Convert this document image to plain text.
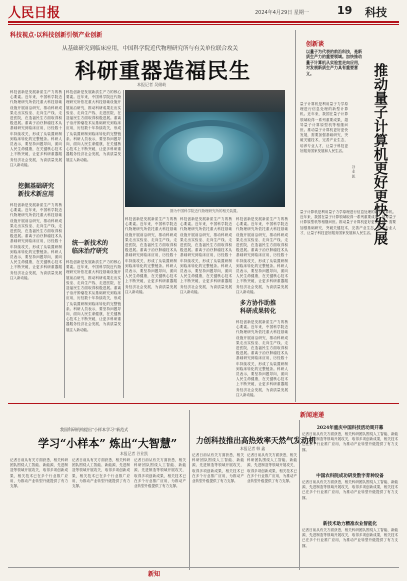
人民日报	2024年4月29日 星期一	19 科技
科技视点·以科技创新引领产业创新
从基础研究到临床应用，中国科学院近代物理研究所与有关单位联合攻关
科研重器造福民生
本报记者 吴储岐
图为中国科学院近代物理研究所的相关装置。
科技创新是发展新质生产力的核心要素。近年来，中国科学院近代物理研究所依托重大科技基础设施开展前沿研究，推动科研成果走出实验室、走向生产线、走进医院，在造福民生方面取得积极进展。重离子治疗肿瘤技术从基础研究到临床应用，历经数十年持续攻关，形成了从装置研制到临床转化的完整链条。科研人员表示，要坚持问题导向，面向人民生命健康，在关键核心技术上不断突破，让更多科研重器服务经济社会发展，为高质量发展注入新动能。
挖掘基础研究
新技术新应用
科技创新是发展新质生产力的核心要素。近年来，中国科学院近代物理研究所依托重大科技基础设施开展前沿研究，推动科研成果走出实验室、走向生产线、走进医院，在造福民生方面取得积极进展。重离子治疗肿瘤技术从基础研究到临床应用，历经数十年持续攻关，形成了从装置研制到临床转化的完整链条。科研人员表示，要坚持问题导向，面向人民生命健康，在关键核心技术上不断突破，让更多科研重器服务经济社会发展，为高质量发展注入新动能。
科技创新是发展新质生产力的核心要素。近年来，中国科学院近代物理研究所依托重大科技基础设施开展前沿研究，推动科研成果走出实验室、走向生产线、走进医院，在造福民生方面取得积极进展。重离子治疗肿瘤技术从基础研究到临床应用，历经数十年持续攻关，形成了从装置研制到临床转化的完整链条。科研人员表示，要坚持问题导向，面向人民生命健康，在关键核心技术上不断突破，让更多科研重器服务经济社会发展，为高质量发展注入新动能。
统一新技术的
临床治疗研究
科技创新是发展新质生产力的核心要素。近年来，中国科学院近代物理研究所依托重大科技基础设施开展前沿研究，推动科研成果走出实验室、走向生产线、走进医院，在造福民生方面取得积极进展。重离子治疗肿瘤技术从基础研究到临床应用，历经数十年持续攻关，形成了从装置研制到临床转化的完整链条。科研人员表示，要坚持问题导向，面向人民生命健康，在关键核心技术上不断突破，让更多科研重器服务经济社会发展，为高质量发展注入新动能。
科技创新是发展新质生产力的核心要素。近年来，中国科学院近代物理研究所依托重大科技基础设施开展前沿研究，推动科研成果走出实验室、走向生产线、走进医院，在造福民生方面取得积极进展。重离子治疗肿瘤技术从基础研究到临床应用，历经数十年持续攻关，形成了从装置研制到临床转化的完整链条。科研人员表示，要坚持问题导向，面向人民生命健康，在关键核心技术上不断突破，让更多科研重器服务经济社会发展，为高质量发展注入新动能。
科技创新是发展新质生产力的核心要素。近年来，中国科学院近代物理研究所依托重大科技基础设施开展前沿研究，推动科研成果走出实验室、走向生产线、走进医院，在造福民生方面取得积极进展。重离子治疗肿瘤技术从基础研究到临床应用，历经数十年持续攻关，形成了从装置研制到临床转化的完整链条。科研人员表示，要坚持问题导向，面向人民生命健康，在关键核心技术上不断突破，让更多科研重器服务经济社会发展，为高质量发展注入新动能。
多方协作助推
科研成果转化
科技创新是发展新质生产力的核心要素。近年来，中国科学院近代物理研究所依托重大科技基础设施开展前沿研究，推动科研成果走出实验室、走向生产线、走进医院，在造福民生方面取得积极进展。重离子治疗肿瘤技术从基础研究到临床应用，历经数十年持续攻关，形成了从装置研制到临床转化的完整链条。科研人员表示，要坚持问题导向，面向人民生命健康，在关键核心技术上不断突破，让更多科研重器服务经济社会发展，为高质量发展注入新动能。
科技创新是发展新质生产力的核心要素。近年来，中国科学院近代物理研究所依托重大科技基础设施开展前沿研究，推动科研成果走出实验室、走向生产线、走进医院，在造福民生方面取得积极进展。重离子治疗肿瘤技术从基础研究到临床应用，历经数十年持续攻关，形成了从装置研制到临床转化的完整链条。科研人员表示，要坚持问题导向，面向人民生命健康，在关键核心技术上不断突破，让更多科研重器服务经济社会发展，为高质量发展注入新动能。
创新谈
以量子为代表的前沿科技，是新质生产力的重要领域。加快推动量子计算机从实验室走向应用，对发展新质生产力具有重要意义。	推动量子计算机更好更快发展
谷 业 凯
量子计算机是利用量子力学原理进行信息处理的新型计算机。近年来，我国在量子计算领域取得一系列重要成果，超导量子计算原型机等相继问世。推动量子计算机更好更快发展，需要加强基础研究，突破关键技术，完善产业生态，培养专业人才，让量子科技更好服务国家发展和人民生活。
量子计算机是利用量子力学原理进行信息处理的新型计算机。近年来，我国在量子计算领域取得一系列重要成果，超导量子计算原型机等相继问世。推动量子计算机更好更快发展，需要加强基础研究，突破关键技术，完善产业生态，培养专业人才，让量子科技更好服务国家发展和人民生活。
新闻速递
我国科研机构提出“小样本学习”新范式
学习“小样本” 炼出“大智慧”
本报记者 谷业凯
力创科技推出高热效率天然气发动机
本报记者 韩 鑫
记者日前从有关方面获悉，相关科研团队围绕人工智能、新能源、先进制造等领域开展攻关，取得多项创新成果，相关技术已在多个行业推广应用，为推动产业转型升级提供了有力支撑。
记者日前从有关方面获悉，相关科研团队围绕人工智能、新能源、先进制造等领域开展攻关，取得多项创新成果，相关技术已在多个行业推广应用，为推动产业转型升级提供了有力支撑。
记者日前从有关方面获悉，相关科研团队围绕人工智能、新能源、先进制造等领域开展攻关，取得多项创新成果，相关技术已在多个行业推广应用，为推动产业转型升级提供了有力支撑。
记者日前从有关方面获悉，相关科研团队围绕人工智能、新能源、先进制造等领域开展攻关，取得多项创新成果，相关技术已在多个行业推广应用，为推动产业转型升级提供了有力支撑。
记者日前从有关方面获悉，相关科研团队围绕人工智能、新能源、先进制造等领域开展攻关，取得多项创新成果，相关技术已在多个行业推广应用，为推动产业转型升级提供了有力支撑。
2024年重庆中国科技活动周开幕
记者日前从有关方面获悉，相关科研团队围绕人工智能、新能源、先进制造等领域开展攻关，取得多项创新成果，相关技术已在多个行业推广应用，为推动产业转型升级提供了有力支撑。
中国农科院成功研发数字育种设备
记者日前从有关方面获悉，相关科研团队围绕人工智能、新能源、先进制造等领域开展攻关，取得多项创新成果，相关技术已在多个行业推广应用，为推动产业转型升级提供了有力支撑。
新技术助力精准农业智能化
记者日前从有关方面获悉，相关科研团队围绕人工智能、新能源、先进制造等领域开展攻关，取得多项创新成果，相关技术已在多个行业推广应用，为推动产业转型升级提供了有力支撑。
新知
